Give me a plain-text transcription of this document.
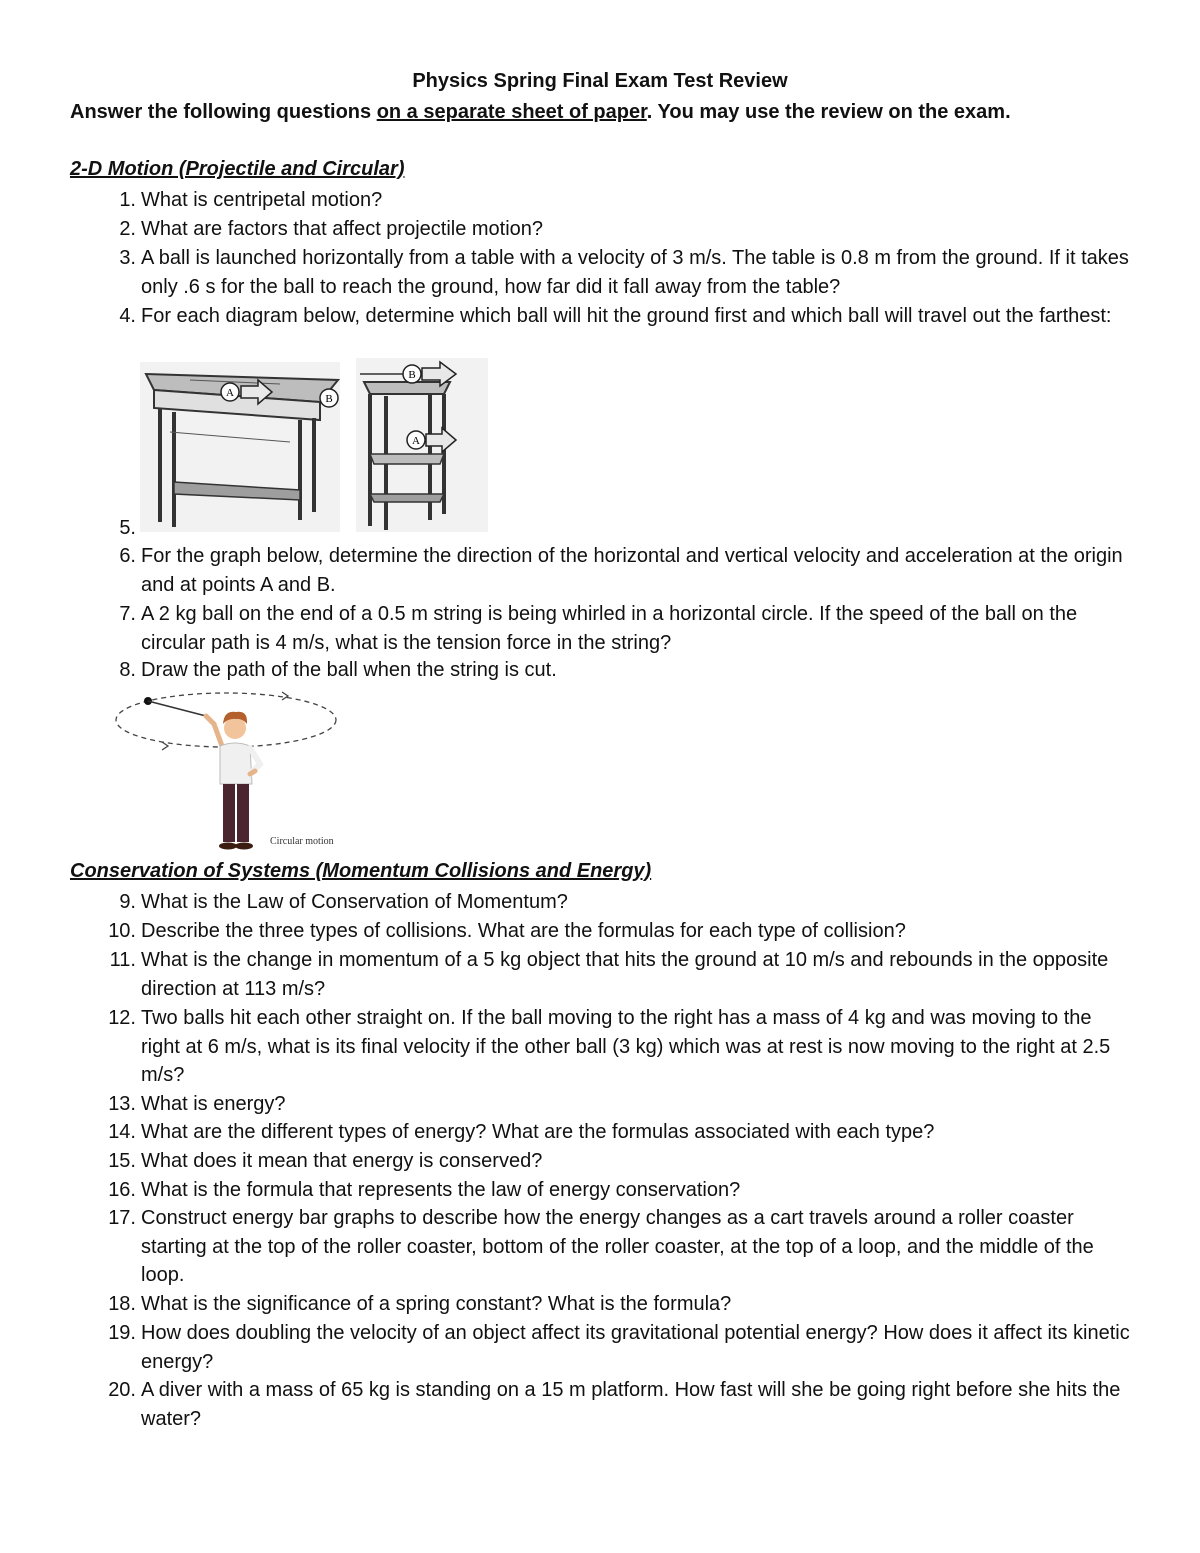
Physics Spring Final Exam Test Review
Answer the following questions on a separate sheet of paper. You may use the review on the exam.
2-D Motion (Projectile and Circular)
1. What is centripetal motion?
2. What are factors that affect projectile motion?
3. A ball is launched horizontally from a table with a velocity of 3 m/s. The table is 0.8 m from the ground. If it takes only .6 s for the ball to reach the ground, how far did it fall away from the table?
4. For each diagram below, determine which ball will hit the ground first and which ball will travel out the farthest:
A	B
B
A
5.
6. For the graph below, determine the direction of the horizontal and vertical velocity and acceleration at the origin and at points A and B.
7. A 2 kg ball on the end of a 0.5 m string is being whirled in a horizontal circle. If the speed of the ball on the circular path is 4 m/s, what is the tension force in the string?
8. Draw the path of the ball when the string is cut.
Circular motion
Conservation of Systems (Momentum Collisions and Energy)
9. What is the Law of Conservation of Momentum?
10. Describe the three types of collisions. What are the formulas for each type of collision?
11. What is the change in momentum of a 5 kg object that hits the ground at 10 m/s and rebounds in the opposite direction at 113 m/s?
12. Two balls hit each other straight on. If the ball moving to the right has a mass of 4 kg and was moving to the right at 6 m/s, what is its final velocity if the other ball (3 kg) which was at rest is now moving to the right at 2.5 m/s?
13. What is energy?
14. What are the different types of energy? What are the formulas associated with each type?
15. What does it mean that energy is conserved?
16. What is the formula that represents the law of energy conservation?
17. Construct energy bar graphs to describe how the energy changes as a cart travels around a roller coaster starting at the top of the roller coaster, bottom of the roller coaster, at the top of a loop, and the middle of the loop.
18. What is the significance of a spring constant? What is the formula?
19. How does doubling the velocity of an object affect its gravitational potential energy? How does it affect its kinetic energy?
20. A diver with a mass of 65 kg is standing on a 15 m platform. How fast will she be going right before she hits the water?
